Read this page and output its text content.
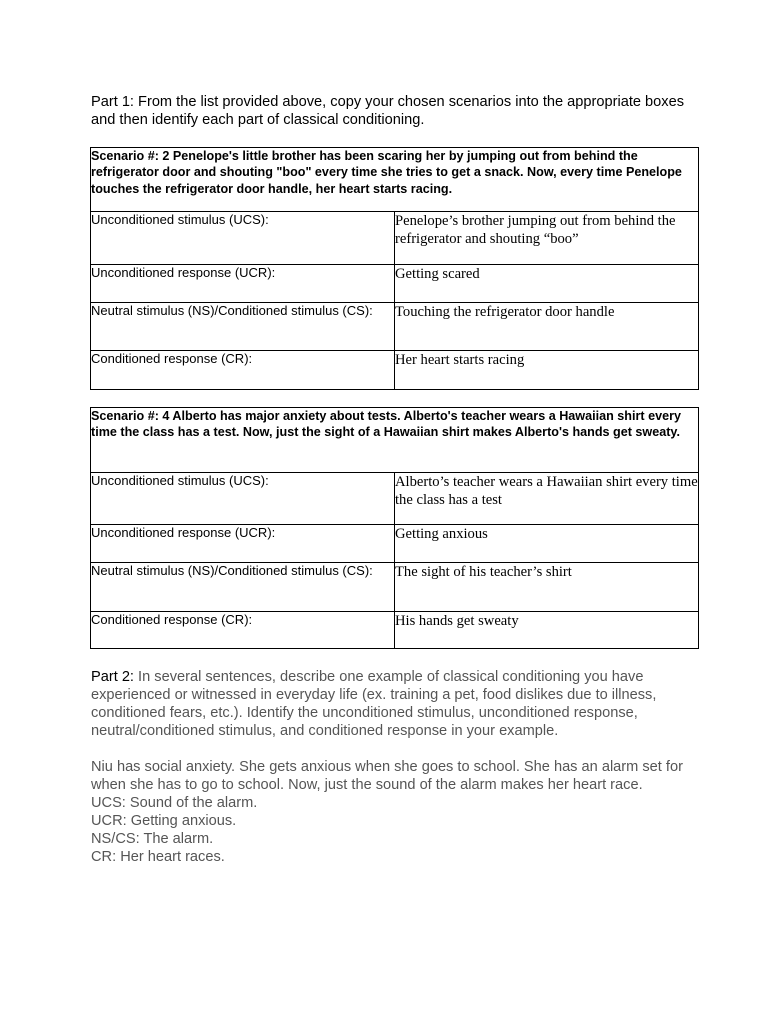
Part 1: From the list provided above, copy your chosen scenarios into the appropriate boxes and then identify each part of classical conditioning.
Scenario #: 2 Penelope's little brother has been scaring her by jumping out from behind the refrigerator door and shouting "boo" every time she tries to get a snack. Now, every time Penelope touches the refrigerator door handle, her heart starts racing.	
Unconditioned stimulus (UCS):	Penelope’s brother jumping out from behind the refrigerator and shouting “boo”
Unconditioned response (UCR):	Getting scared
Neutral stimulus (NS)/Conditioned stimulus (CS):	Touching the refrigerator door handle
Conditioned response (CR):	Her heart starts racing
Scenario #: 4 Alberto has major anxiety about tests. Alberto's teacher wears a Hawaiian shirt every time the class has a test. Now, just the sight of a Hawaiian shirt makes Alberto's hands get sweaty.	
Unconditioned stimulus (UCS):	Alberto’s teacher wears a Hawaiian shirt every time the class has a test
Unconditioned response (UCR):	Getting anxious
Neutral stimulus (NS)/Conditioned stimulus (CS):	The sight of his teacher’s shirt
Conditioned response (CR):	His hands get sweaty
Part 2: In several sentences, describe one example of classical conditioning you have experienced or witnessed in everyday life (ex. training a pet, food dislikes due to illness, conditioned fears, etc.). Identify the unconditioned stimulus, unconditioned response, neutral/conditioned stimulus, and conditioned response in your example.
Niu has social anxiety. She gets anxious when she goes to school. She has an alarm set for when she has to go to school. Now, just the sound of the alarm makes her heart race.
UCS: Sound of the alarm.
UCR: Getting anxious.
NS/CS: The alarm.
CR: Her heart races.
